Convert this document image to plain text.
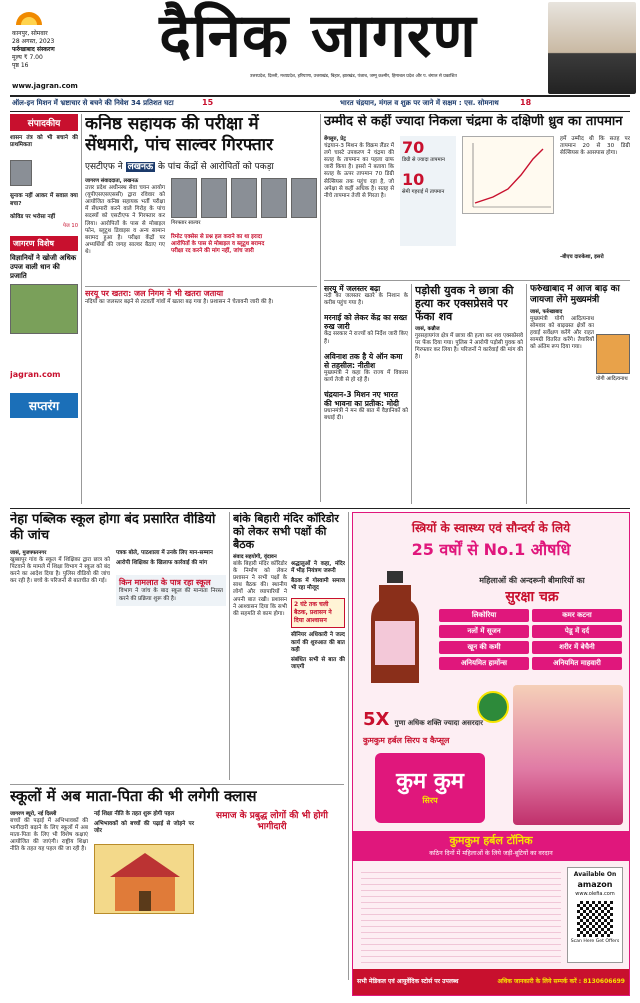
कानपुर, सोमवार
28 अगस्त, 2023
फर्रुखाबाद संस्करण
मूल्य ₹ 7.00
पृष्ठ 16	दैनिक जागरण
उत्तरप्रदेश, दिल्ली, मध्यप्रदेश, हरियाणा, उत्तराखंड, बिहार, झारखंड, पंजाब, जम्मू कश्मीर, हिमाचल प्रदेश और प. बंगाल से प्रकाशित
www.jagran.com
ऑल-इन मिशन में भ्रष्टाचार से बचने की निवेश 34 प्रतिशत घटा	15	भारत चंद्रयान, मंगल व शुक्र पर जाने में सक्षम : एस. सोमनाथ	18
संपादकीय
शासन तंत्र को भी बचाने की प्राथमिकता
सुनाक नहीं आकर में सवाल क्या बचा?
कोविड पर भरोसा नहीं
पेज 10
जागरण विशेष
विज्ञानियों ने खोजी अधिक उपज वाली धान की प्रजाति
jagran.com
सप्तरंग
कनिष्ठ सहायक की परीक्षा में सेंधमारी, पांच साल्वर गिरफ्तार
एसटीएफ ने लखनऊ के पांच केंद्रों से आरोपितों को पकड़ा
जागरण संवाददाता, लखनऊ
उत्तर प्रदेश अधीनस्थ सेवा चयन आयोग (यूपीएसएसएससी) द्वारा रविवार को आयोजित कनिष्ठ सहायक भर्ती परीक्षा में सेंधमारी करने वाले गिरोह के पांच सदस्यों को एसटीएफ ने गिरफ्तार कर लिया। आरोपितों के पास से मोबाइल फोन, ब्लूटूथ डिवाइस व अन्य सामान बरामद हुआ है। परीक्षा केंद्रों पर अभ्यर्थियों की जगह साल्वर बैठाए गए थे।
गिरफ्तार साल्वर
रिमोट एक्सेस से प्रश्न हल कराने का था इरादा
आरोपितों के पास से मोबाइल व ब्लूटूथ बरामद
परीक्षा रद करने की मांग नहीं, जांच जारी
उम्मीद से कहीं ज्यादा निकला चंद्रमा के दक्षिणी ध्रुव का तापमान
बेंगलुरु, प्रेट्र
चंद्रयान-3 मिशन के विक्रम लैंडर में लगे चास्टे उपकरण ने चंद्रमा की सतह के तापमान का पहला ग्राफ जारी किया है। इसरो ने बताया कि सतह के ऊपर तापमान 70 डिग्री सेल्सियस तक पहुंच रहा है, जो अपेक्षा से कहीं अधिक है। सतह से नीचे तापमान तेजी से गिरता है।
70
डिग्री से ज्यादा तापमान
10
सेमी गहराई में तापमान
हमें उम्मीद थी कि सतह पर तापमान 20 से 30 डिग्री सेल्सियस के आसपास होगा।
-बीएच दारुकेशा, इसरो
सरयू में जलस्तर बढ़ा
नदी का जलस्तर खतरे के निशान के करीब पहुंच गया है।
मरनाई को लेकर केंद्र का सख्त रुख जारी
केंद्र सरकार ने राज्यों को निर्देश जारी किए हैं।
अविनाश तक है ये ऑन कमा से तहसील: नीतीश
मुख्यमंत्री ने कहा कि राज्य में विकास कार्य तेजी से हो रहे हैं।
चंद्रयान-3 मिशन नए भारत की भावना का प्रतीक: मोदी
प्रधानमंत्री ने मन की बात में वैज्ञानिकों को बधाई दी।
सरयू पर खतरा: जल निगम ने भी खतरा जताया
नदियों का जलस्तर बढ़ने से तटवर्ती गांवों में खतरा बढ़ गया है। प्रशासन ने चेतावनी जारी की है।
पड़ोसी युवक ने छात्रा की हत्या कर एक्सप्रेसवे पर फेंका शव
जासं, कन्नौज
गुरसहायगंज क्षेत्र में छात्रा की हत्या कर शव एक्सप्रेसवे पर फेंक दिया गया। पुलिस ने आरोपी पड़ोसी युवक को गिरफ्तार कर लिया है। परिजनों ने कार्रवाई की मांग की है।
फर्रुखाबाद में आज बाढ़ का जायजा लेंगे मुख्यमंत्री
जासं, फर्रुखाबाद
मुख्यमंत्री योगी आदित्यनाथ सोमवार को बाढ़ग्रस्त क्षेत्रों का हवाई सर्वेक्षण करेंगे और राहत सामग्री वितरित करेंगे। तैयारियों को अंतिम रूप दिया गया।
योगी आदित्यनाथ
नेहा पब्लिक स्कूल होगा बंद प्रसारित वीडियो की जांच
जासं, मुजफ्फरनगर
खुब्बापुर गांव के स्कूल में शिक्षिका द्वारा छात्र को पिटवाने के मामले में शिक्षा विभाग ने स्कूल को बंद करने का आदेश दिया है। पुलिस वीडियो की जांच कर रही है। बच्चे के परिजनों से बातचीत की गई।
पत्रक बोले, पाठशाला में उनके लिए मान-सम्मान
आरोपी शिक्षिका के खिलाफ कार्रवाई की मांग
किन मामलात के पात्र रहा स्कूल
विभाग ने जांच के बाद स्कूल की मान्यता निरस्त करने की प्रक्रिया शुरू की है।
बांके बिहारी मंदिर कॉरिडोर को लेकर सभी पक्षों की बैठक
संवाद सहयोगी, वृंदावन
बांके बिहारी मंदिर कॉरिडोर के निर्माण को लेकर प्रशासन ने सभी पक्षों के साथ बैठक की। स्थानीय लोगों और व्यापारियों ने अपनी बात रखी। प्रशासन ने आश्वासन दिया कि सभी की सहमति से काम होगा।
श्रद्धालुओं ने कहा, मंदिर में भीड़ नियंत्रण जरूरी
बैठक में गोस्वामी समाज भी रहा मौजूद
2 घंटे तक चली बैठक, प्रशासन ने दिया आश्वासन
सीनियर अधिकारी ने जल्द कार्य की शुरुआत की बात कही
संबंधित सभी से बात की जाएगी
स्कूलों में अब माता-पिता की भी लगेगी क्लास
जागरण ब्यूरो, नई दिल्ली
बच्चों की पढ़ाई में अभिभावकों की भागीदारी बढ़ाने के लिए स्कूलों में अब माता-पिता के लिए भी विशेष कक्षाएं आयोजित की जाएंगी। राष्ट्रीय शिक्षा नीति के तहत यह पहल की जा रही है।
नई शिक्षा नीति के तहत शुरू होगी पहल
अभिभावकों को बच्चों की पढ़ाई से जोड़ने पर जोर
समाज के प्रबुद्ध लोगों की भी होगी भागीदारी
स्त्रियों के स्वास्थ्य एवं सौन्दर्य के लिये
25 वर्षों से No.1 औषधि
महिलाओं की अन्दरूनी बीमारियों का
सुरक्षा चक्र
लिकोरिया	कमर कटना
नलों में सूजन	पेडू में दर्द
खून की कमी	शरीर में बेचैनी
अनियमित हार्मोन्स	अनियमित माहवारी
5X गुणा अधिक शक्ति ज्यादा असरदार
कुमकुम हर्बल सिरप व कैप्सूल
कुम कुम
सिरप
कुमकुम हर्बल टॉनिक
कठिन दिनों में महिलाओं के लिये जड़ी-बूटियों का वरदान
Available On
amazon
www.olefia.com
Scan Here Get Offers
सभी मेडिकल एवं आयुर्वेदिक स्टोर्स पर उपलब्ध	अधिक जानकारी के लिये सम्पर्क करें : 8130606699
